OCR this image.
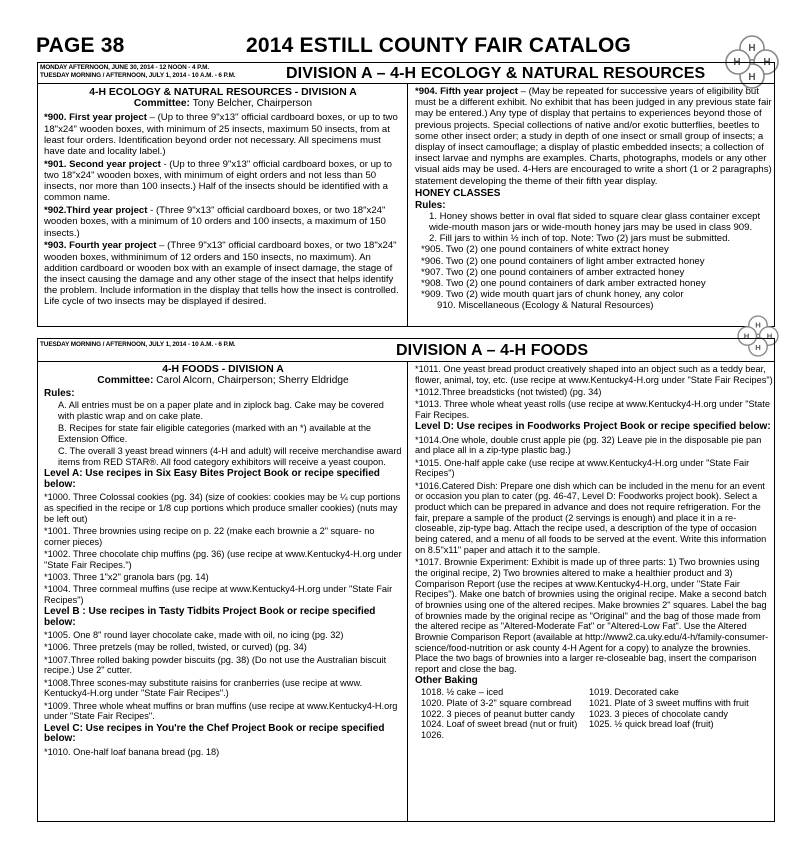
PAGE 38	2014 ESTILL COUNTY FAIR CATALOG	H
H
H
H
MONDAY AFTERNOON, JUNE 30, 2014 - 12 NOON - 4 P.M.
TUESDAY MORNING / AFTERNOON, JULY 1, 2014 - 10 A.M. - 6 P.M.	DIVISION A – 4-H ECOLOGY & NATURAL RESOURCES
4-H ECOLOGY & NATURAL RESOURCES - DIVISION A
Committee: Tony Belcher, Chairperson

*900. First year project – (Up to three 9"x13" official cardboard boxes, or up to two 18"x24" wooden boxes, with minimum of 25 insects, maximum 50 insects, from at least four orders. Identification beyond order not necessary. All specimens must have date and locality label.)

*901. Second year project - (Up to three 9"x13" official cardboard boxes, or up to two 18"x24" wooden boxes, with minimum of eight orders and not less than 50 insects, nor more than 100 insects.) Half of the insects should be identified with a common name.

*902.Third year project - (Three 9"x13" official cardboard boxes, or two 18"x24" wooden boxes, with a minimum of 10 orders and 100 insects, a maximum of 150 insects.)

*903. Fourth year project – (Three 9"x13" official cardboard boxes, or two 18"x24" wooden boxes, withminimum of 12 orders and 150 insects, no maximum). An addition cardboard or wooden box with an example of insect damage, the stage of the insect causing the damage and any other stage of the insect that helps identify the problem. Include information in the display that tells how the insect is controlled. Life cycle of two insects may be displayed if desired.

*904. Fifth year project – (May be repeated for successive years of eligibility but must be a different exhibit. No exhibit that has been judged in any previous state fair may be entered.) Any type of display that pertains to experiences beyond those of previous projects. Special collections of native and/or exotic butterflies, beetles to some other insect order; a study in depth of one insect or small group of insects; a display of insect camouflage; a display of plastic embedded insects; a collection of insect larvae and nymphs are examples. Charts, photographs, models or any other visual aids may be used. 4-Hers are encouraged to write a short (1 or 2 paragraphs) statement developing the theme of their fifth year display.

HONEY CLASSES
Rules:
1. Honey shows better in oval flat sided to square clear glass container except wide-mouth mason jars or wide-mouth honey jars may be used in class 909.
2. Fill jars to within ½ inch of top. Note: Two (2) jars must be submitted.
*905. Two (2) one pound containers of white extract honey
*906. Two (2) one pound containers of light amber extracted honey
*907. Two (2) one pound containers of amber extracted honey
*908. Two (2) one pound containers of dark amber extracted honey
*909. Two (2) wide mouth quart jars of chunk honey, any color
910. Miscellaneous (Ecology & Natural Resources)
H
H
H
H
TUESDAY MORNING / AFTERNOON, JULY 1, 2014 - 10 A.M. - 6 P.M.	DIVISION A – 4-H FOODS
4-H FOODS - DIVISION A
Committee: Carol Alcorn, Chairperson; Sherry Eldridge
Rules:

A. All entries must be on a paper plate and in ziplock bag. Cake may be covered with plastic wrap and on cake plate.

B. Recipes for state fair eligible categories (marked with an *) available at the Extension Office.

C. The overall 3 yeast bread winners (4-H and adult) will receive merchandise award items from RED STAR®. All food category exhibitors will receive a yeast coupon.

Level A: Use recipes in Six Easy Bites Project Book or recipe specified below:

*1000. Three Colossal cookies (pg. 34) (size of cookies: cookies may be ¼ cup portions as specified in the recipe or 1/8 cup portions which produce smaller cookies) (nuts may be left out)

*1001. Three brownies using recipe on p. 22 (make each brownie a 2" square- no corner pieces)

*1002. Three chocolate chip muffins (pg. 36) (use recipe at www.Kentucky4-H.org under "State Fair Recipes.")

*1003. Three 1"x2" granola bars (pg. 14)

*1004. Three cornmeal muffins (use recipe at www.Kentucky4-H.org under "State Fair Recipes")

Level B : Use recipes in Tasty Tidbits Project Book or recipe specified below:

*1005. One 8" round layer chocolate cake, made with oil, no icing (pg. 32)

*1006. Three pretzels (may be rolled, twisted, or curved) (pg. 34)

*1007.Three rolled baking powder biscuits (pg. 38) (Do not use the Australian biscuit recipe.) Use 2" cutter.

*1008.Three scones-may substitute raisins for cranberries (use recipe at www. Kentucky4-H.org under "State Fair Recipes".)

*1009. Three whole wheat muffins or bran muffins (use recipe at www.Kentucky4-H.org under "State Fair Recipes".

Level C: Use recipes in You're the Chef Project Book or recipe specified below:

*1010. One-half loaf banana bread (pg. 18)

*1011. One yeast bread product creatively shaped into an object such as a teddy bear, flower, animal, toy, etc. (use recipe at www.Kentucky4-H.org under "State Fair Recipes")

*1012.Three breadsticks (not twisted) (pg. 34)

*1013. Three whole wheat yeast rolls (use recipe at www.Kentucky4-H.org under "State Fair Recipes.

Level D: Use recipes in Foodworks Project Book or recipe specified below:

*1014.One whole, double crust apple pie (pg. 32) Leave pie in the disposable pie pan and place all in a zip-type plastic bag.)

*1015. One-half apple cake (use recipe at www.Kentucky4-H.org under "State Fair Recipes")

*1016.Catered Dish: Prepare one dish which can be included in the menu for an event or occasion you plan to cater (pg. 46-47, Level D: Foodworks project book). Select a product which can be prepared in advance and does not require refrigeration. For the fair, prepare a sample of the product (2 servings is enough) and place it in a re-closeable, zip-type bag. Attach the recipe used, a description of the type of occasion being catered, and a menu of all foods to be served at the event. Write this information on 8.5"x11" paper and attach it to the sample.

*1017. Brownie Experiment: Exhibit is made up of three parts: 1) Two brownies using the original recipe, 2) Two brownies altered to make a healthier product and 3) Comparison Report (use the recipes at www.Kentucky4-H.org, under "State Fair Recipes"). Make one batch of brownies using the original recipe. Make a second batch of brownies using one of the altered recipes. Make brownies 2" squares. Label the bag of brownies made by the original recipe as "Original" and the bag of those made from the altered recipe as "Altered-Moderate Fat" or "Altered-Low Fat". Use the Altered Brownie Comparison Report (available at http://www2.ca.uky.edu/4-h/family-consumer-science/food-nutrition or ask county 4-H Agent for a copy) to analyze the brownies. Place the two bags of brownies into a larger re-closeable bag, insert the comparison report and close the bag.

Other Baking
1018. ½ cake – iced	1019. Decorated cake
1020. Plate of 3-2" square cornbread	1021. Plate of 3 sweet muffins with fruit
1022. 3 pieces of peanut butter candy	1023. 3 pieces of chocolate candy
1024. Loaf of sweet bread (nut or fruit)	1025. ½ quick bread loaf (fruit)
1026.
